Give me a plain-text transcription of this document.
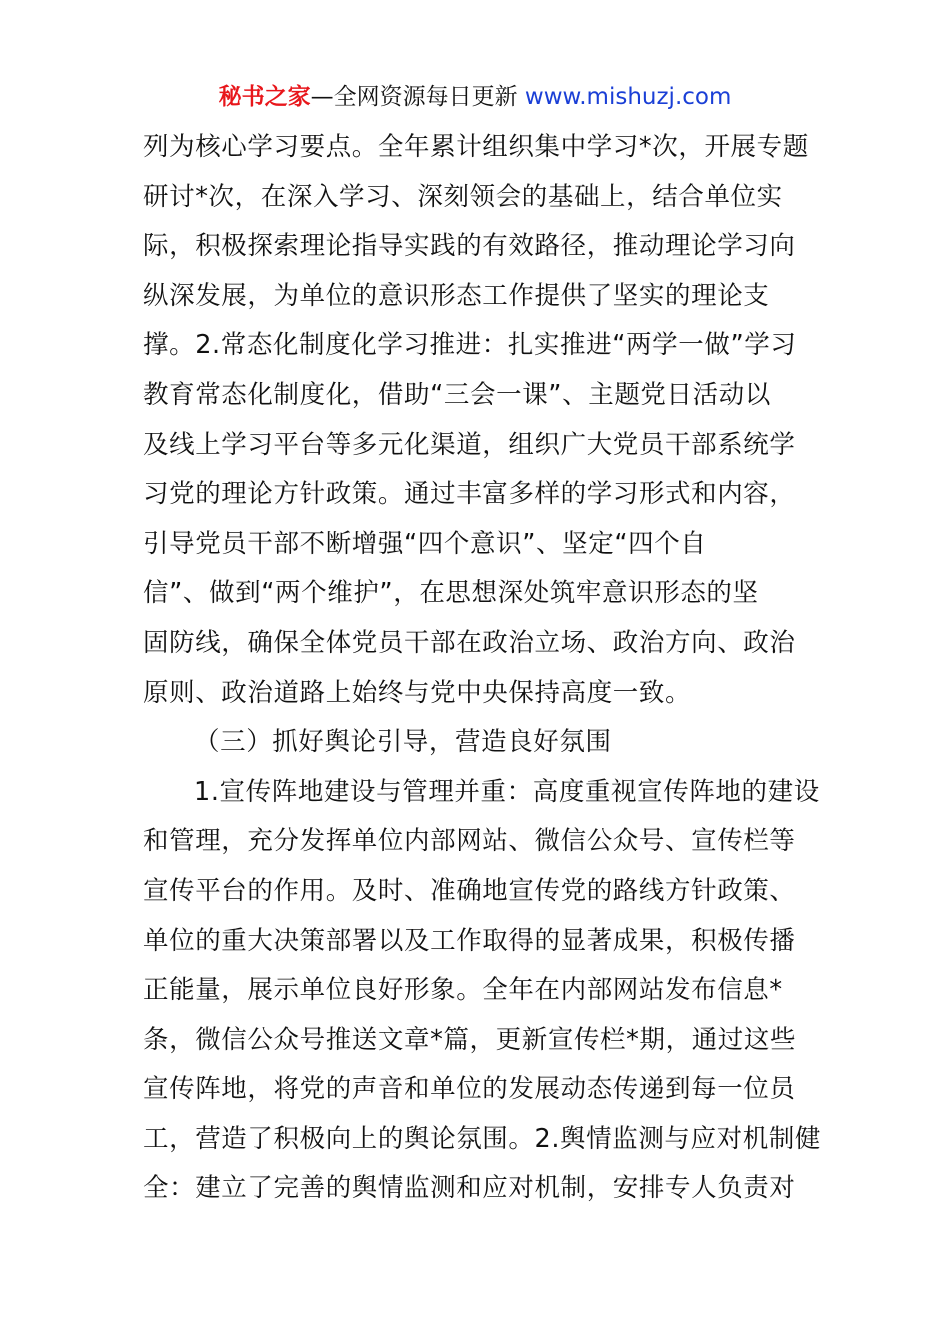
秘书之家—全网资源每日更新 www.mishuzj.com
列为核心学习要点。全年累计组织集中学习*次，开展专题
研讨*次，在深入学习、深刻领会的基础上，结合单位实
际，积极探索理论指导实践的有效路径，推动理论学习向
纵深发展，为单位的意识形态工作提供了坚实的理论支
撑。2.常态化制度化学习推进：扎实推进“两学一做”学习
教育常态化制度化，借助“三会一课”、主题党日活动以
及线上学习平台等多元化渠道，组织广大党员干部系统学
习党的理论方针政策。通过丰富多样的学习形式和内容，
引导党员干部不断增强“四个意识”、坚定“四个自
信”、做到“两个维护”，在思想深处筑牢意识形态的坚
固防线，确保全体党员干部在政治立场、政治方向、政治
原则、政治道路上始终与党中央保持高度一致。
（三）抓好舆论引导，营造良好氛围
1.宣传阵地建设与管理并重：高度重视宣传阵地的建设
和管理，充分发挥单位内部网站、微信公众号、宣传栏等
宣传平台的作用。及时、准确地宣传党的路线方针政策、
单位的重大决策部署以及工作取得的显著成果，积极传播
正能量，展示单位良好形象。全年在内部网站发布信息*
条，微信公众号推送文章*篇，更新宣传栏*期，通过这些
宣传阵地，将党的声音和单位的发展动态传递到每一位员
工，营造了积极向上的舆论氛围。2.舆情监测与应对机制健
全：建立了完善的舆情监测和应对机制，安排专人负责对
